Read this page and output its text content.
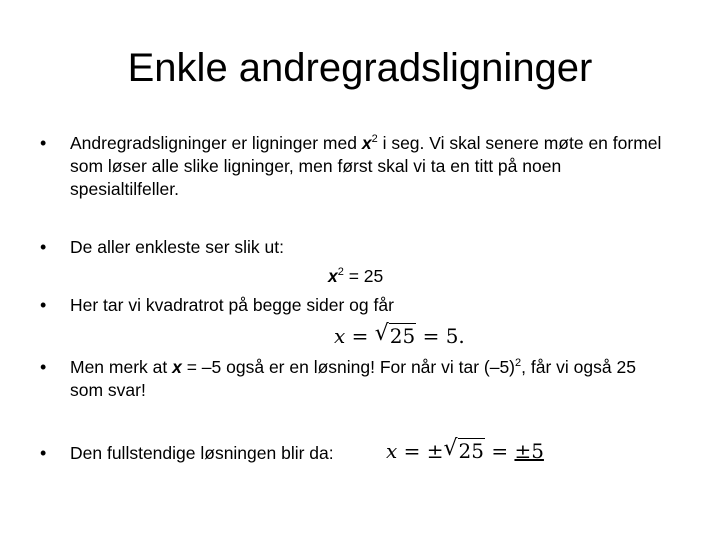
Enkle andregradsligninger
• Andregradsligninger er ligninger med $x^2$ i seg. Vi skal senere møte en formel som løser alle slike ligninger, men først skal vi ta en titt på noen spesialtilfeller.
• De aller enkleste ser slik ut:
$x^2 = 25$
• Her tar vi kvadratrot på begge sider og får
x = √ 25 = 5.
• Men merk at x = –5 også er en løsning! For når vi tar $(-5)^2$, får vi også 25 som svar!
• Den fullstendige løsningen blir da:	x = ± √ 25 = ±5
